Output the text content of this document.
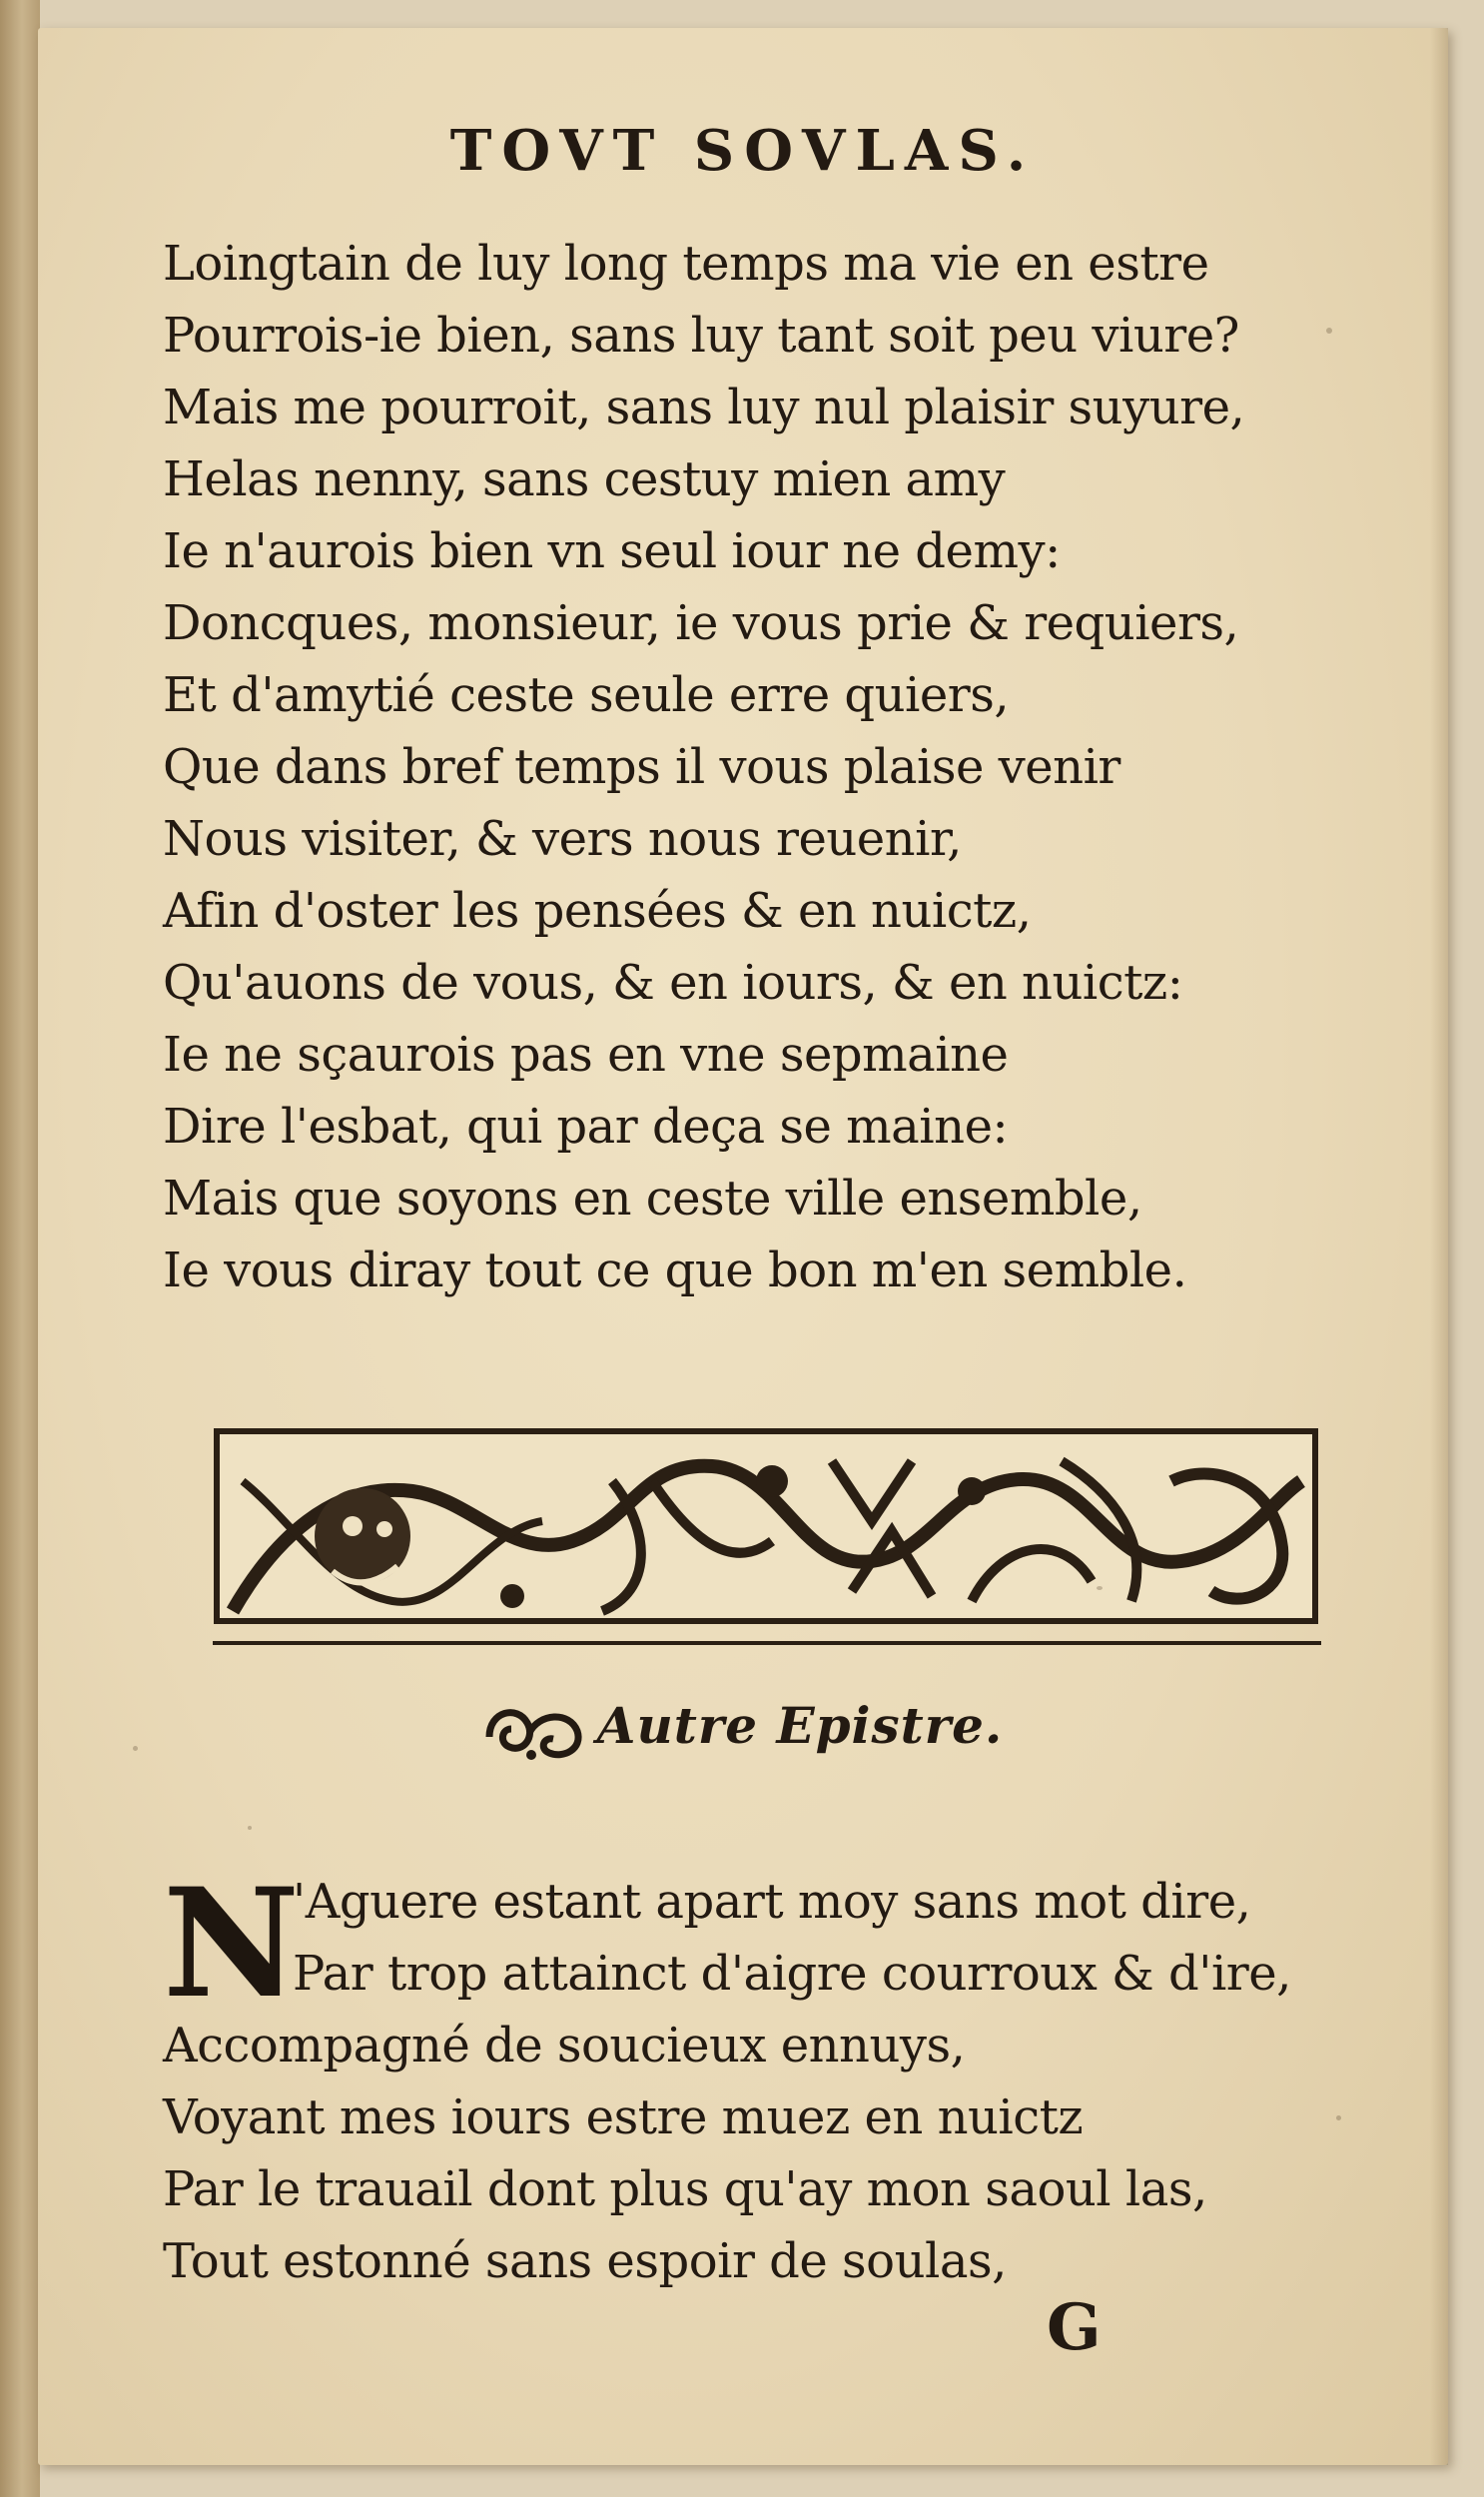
TOVT SOVLAS.
Loingtain de luy long temps ma vie en estre
Pourrois-ie bien, sans luy tant soit peu viure?
Mais me pourroit, sans luy nul plaisir suyure,
Helas nenny, sans cestuy mien amy
Ie n'aurois bien vn seul iour ne demy:
Doncques, monsieur, ie vous prie & requiers,
Et d'amytié ceste seule erre quiers,
Que dans bref temps il vous plaise venir
Nous visiter, & vers nous reuenir,
Afin d'oster les pensées & en nuictz,
Qu'auons de vous, & en iours, & en nuictz:
Ie ne sçaurois pas en vne sepmaine
Dire l'esbat, qui par deça se maine:
Mais que soyons en ceste ville ensemble,
Ie vous diray tout ce que bon m'en semble.
Autre Epistre.
N
'Aguere estant apart moy sans mot dire,
Par trop attainct d'aigre courroux & d'ire,
Accompagné de soucieux ennuys,
Voyant mes iours estre muez en nuictz
Par le trauail dont plus qu'ay mon saoul las,
Tout estonné sans espoir de soulas,
G
